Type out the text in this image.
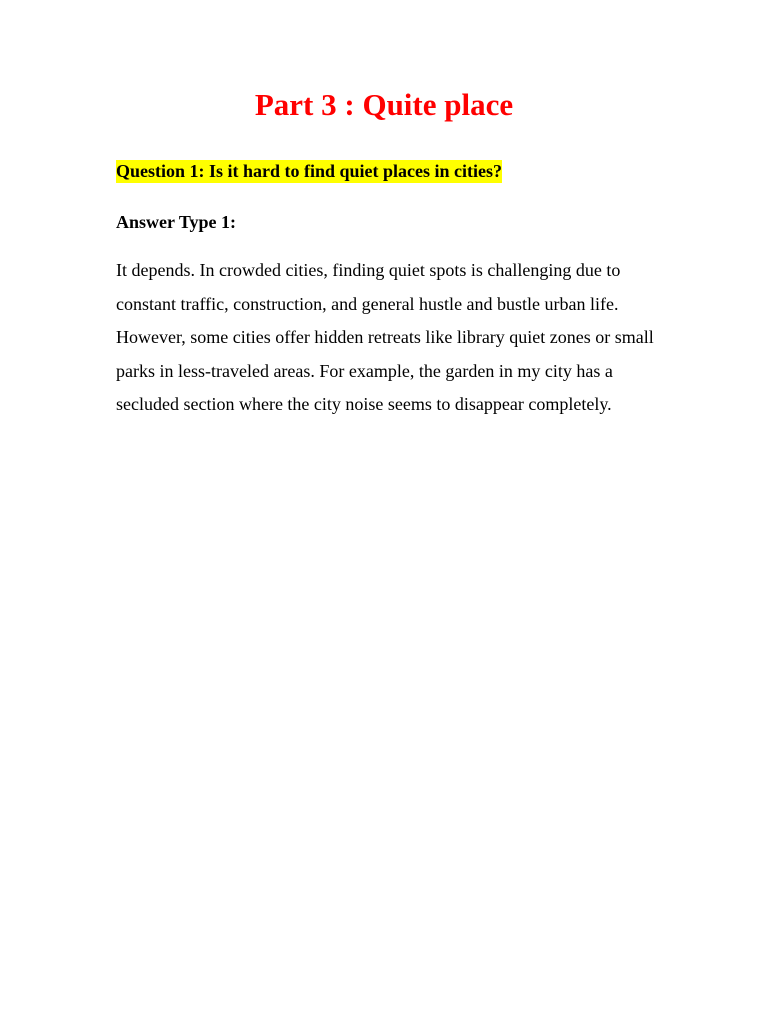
Part 3 : Quite place

Question 1: Is it hard to find quiet places in cities?

Answer Type 1:

It depends. In crowded cities, finding quiet spots is challenging due to constant traffic, construction, and general hustle and bustle urban life. However, some cities offer hidden retreats like library quiet zones or small parks in less-traveled areas. For example, the garden in my city has a secluded section where the city noise seems to disappear completely.
